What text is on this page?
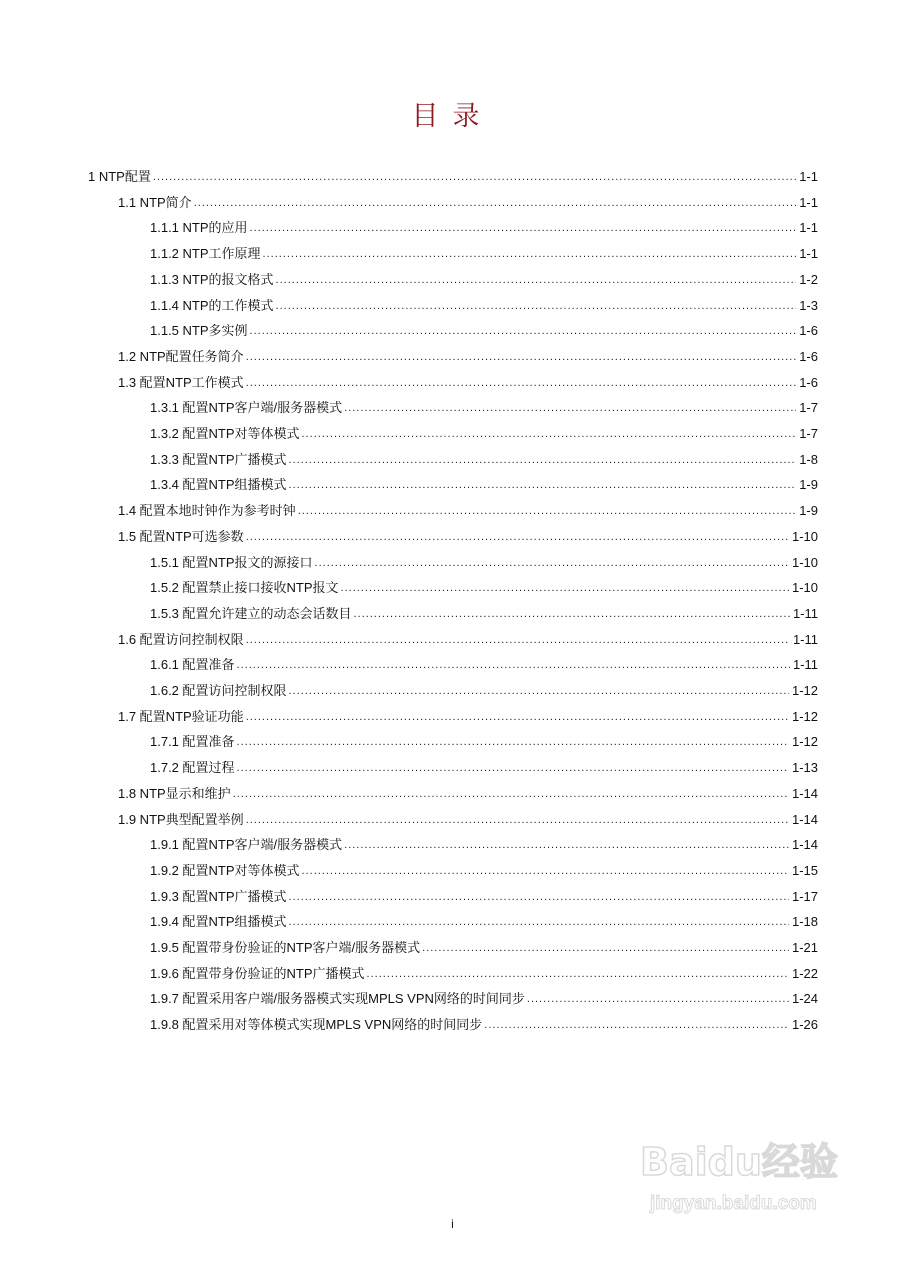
目录
1 NTP配置 .....	1-1
1.1 NTP简介 .....	1-1
1.1.1 NTP的应用 .....	1-1
1.1.2 NTP工作原理 .....	1-1
1.1.3 NTP的报文格式 .....	1-2
1.1.4 NTP的工作模式 .....	1-3
1.1.5 NTP多实例 .....	1-6
1.2 NTP配置任务简介 .....	1-6
1.3 配置NTP工作模式 .....	1-6
1.3.1 配置NTP客户端/服务器模式 .....	1-7
1.3.2 配置NTP对等体模式 .....	1-7
1.3.3 配置NTP广播模式 .....	1-8
1.3.4 配置NTP组播模式 .....	1-9
1.4 配置本地时钟作为参考时钟 .....	1-9
1.5 配置NTP可选参数 .....	1-10
1.5.1 配置NTP报文的源接口 .....	1-10
1.5.2 配置禁止接口接收NTP报文 .....	1-10
1.5.3 配置允许建立的动态会话数目 .....	1-11
1.6 配置访问控制权限 .....	1-11
1.6.1 配置准备 .....	1-11
1.6.2 配置访问控制权限 .....	1-12
1.7 配置NTP验证功能 .....	1-12
1.7.1 配置准备 .....	1-12
1.7.2 配置过程 .....	1-13
1.8 NTP显示和维护 .....	1-14
1.9 NTP典型配置举例 .....	1-14
1.9.1 配置NTP客户端/服务器模式 .....	1-14
1.9.2 配置NTP对等体模式 .....	1-15
1.9.3 配置NTP广播模式 .....	1-17
1.9.4 配置NTP组播模式 .....	1-18
1.9.5 配置带身份验证的NTP客户端/服务器模式 .....	1-21
1.9.6 配置带身份验证的NTP广播模式 .....	1-22
1.9.7 配置采用客户端/服务器模式实现MPLS VPN网络的时间同步 .....	1-24
1.9.8 配置采用对等体模式实现MPLS VPN网络的时间同步 .....	1-26
i
Baidu经验
jingyan.baidu.com
